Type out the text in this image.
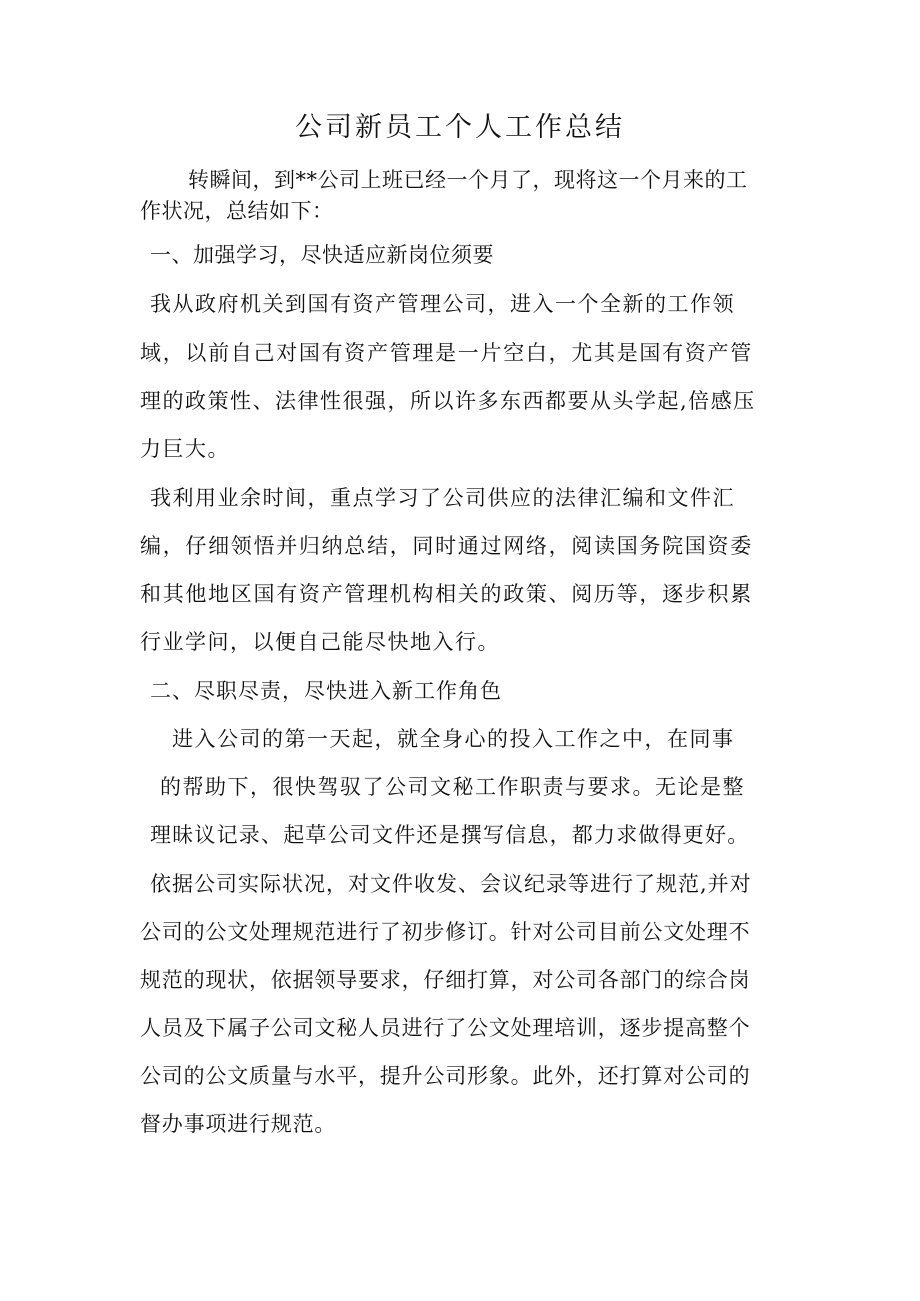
公司新员工个人工作总结

转瞬间，到**公司上班已经一个月了，现将这一个月来的工

作状况，总结如下：

一、加强学习，尽快适应新岗位须要

我从政府机关到国有资产管理公司，进入一个全新的工作领

域，以前自己对国有资产管理是一片空白，尤其是国有资产管

理的政策性、法律性很强，所以许多东西都要从头学起,倍感压

力巨大。

我利用业余时间，重点学习了公司供应的法律汇编和文件汇

编，仔细领悟并归纳总结，同时通过网络，阅读国务院国资委

和其他地区国有资产管理机构相关的政策、阅历等，逐步积累

行业学问，以便自己能尽快地入行。

二、尽职尽责，尽快进入新工作角色

进入公司的第一天起，就全身心的投入工作之中，在同事

的帮助下，很快驾驭了公司文秘工作职责与要求。无论是整

理昧议记录、起草公司文件还是撰写信息，都力求做得更好。

依据公司实际状况，对文件收发、会议纪录等进行了规范,并对

公司的公文处理规范进行了初步修订。针对公司目前公文处理不

规范的现状，依据领导要求，仔细打算，对公司各部门的综合岗

人员及下属子公司文秘人员进行了公文处理培训，逐步提高整个

公司的公文质量与水平，提升公司形象。此外，还打算对公司的

督办事项进行规范。
